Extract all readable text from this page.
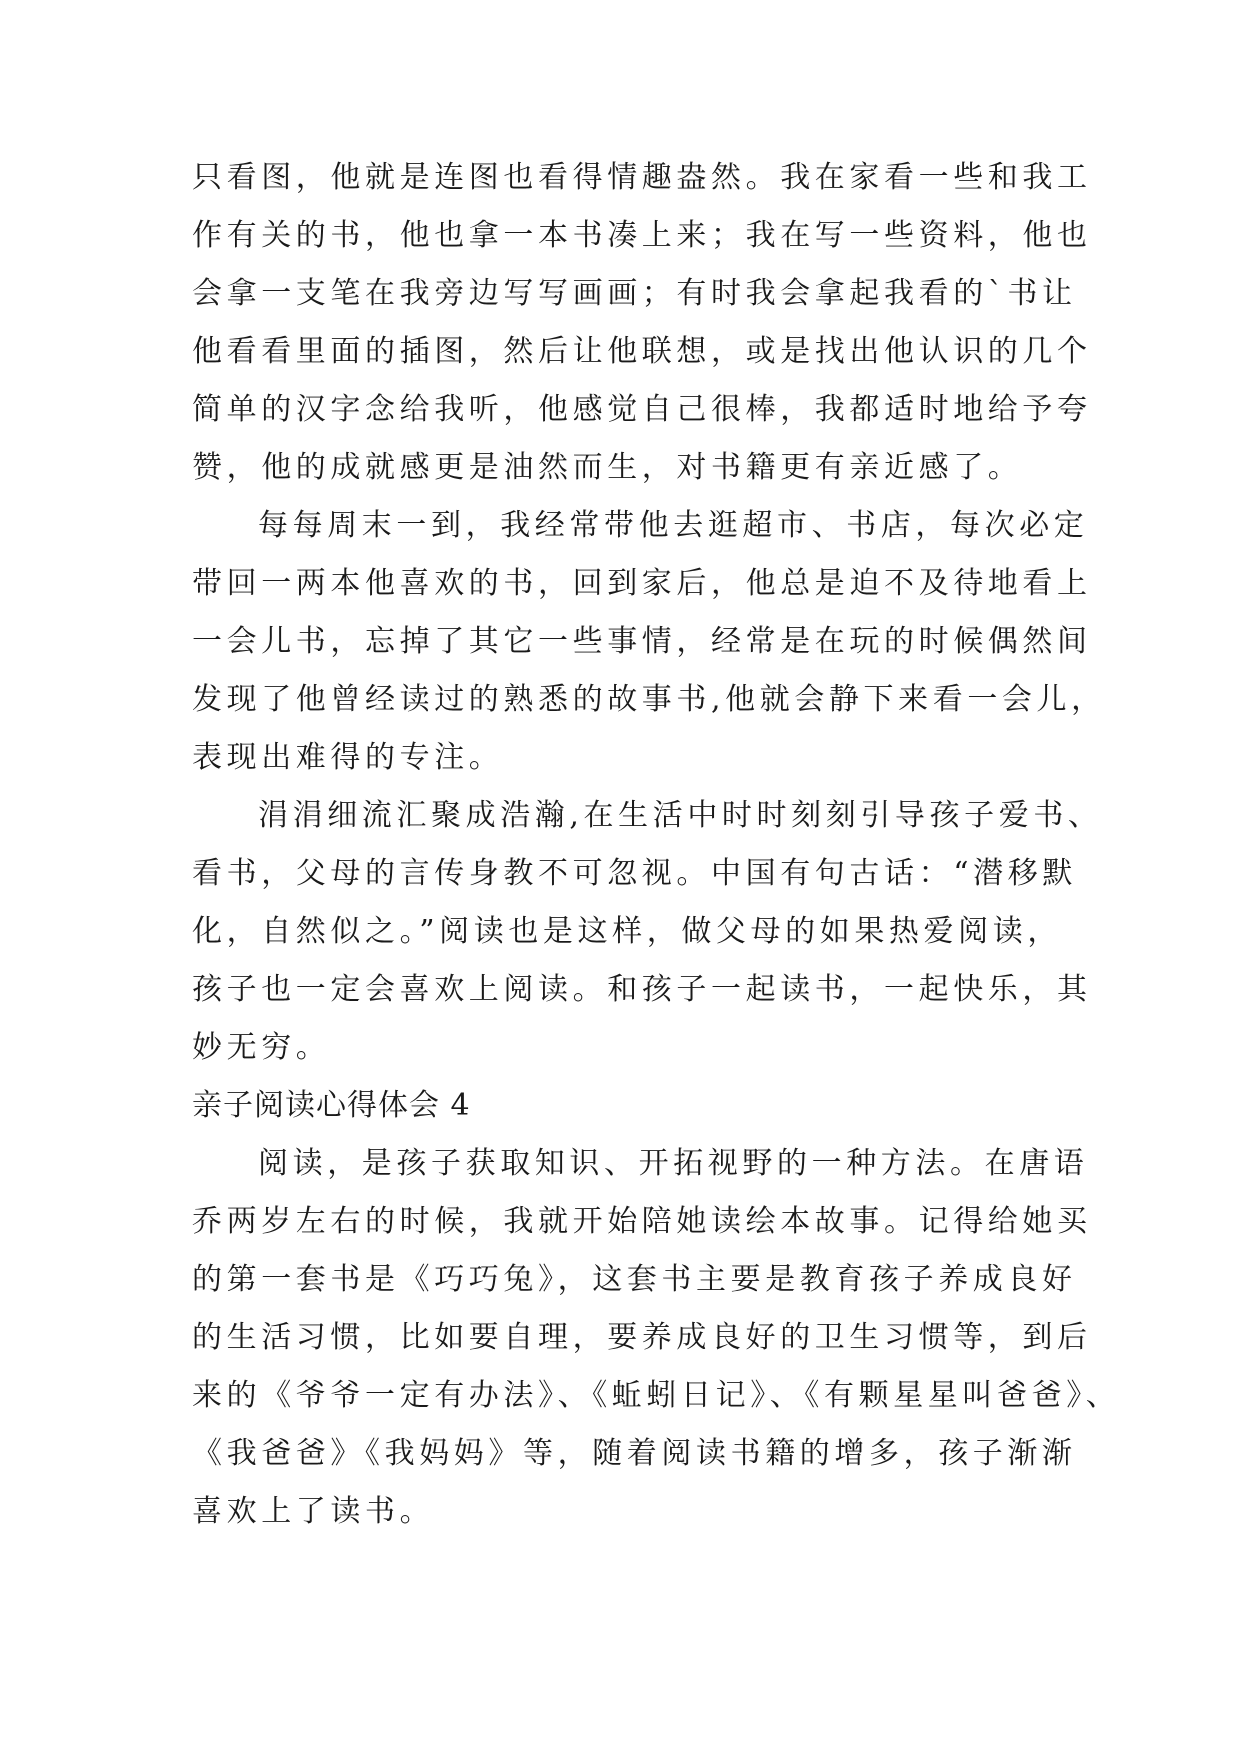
只看图，他就是连图也看得情趣盎然。我在家看一些和我工
作有关的书，他也拿一本书凑上来；我在写一些资料，他也
会拿一支笔在我旁边写写画画；有时我会拿起我看的`书让
他看看里面的插图，然后让他联想，或是找出他认识的几个
简单的汉字念给我听，他感觉自己很棒，我都适时地给予夸
赞，他的成就感更是油然而生，对书籍更有亲近感了。
每每周末一到，我经常带他去逛超市、书店，每次必定
带回一两本他喜欢的书，回到家后，他总是迫不及待地看上
一会儿书，忘掉了其它一些事情，经常是在玩的时候偶然间
发现了他曾经读过的熟悉的故事书,他就会静下来看一会儿，
表现出难得的专注。
涓涓细流汇聚成浩瀚,在生活中时时刻刻引导孩子爱书、
看书，父母的言传身教不可忽视。中国有句古话：“潜移默
化，自然似之。”阅读也是这样，做父母的如果热爱阅读，
孩子也一定会喜欢上阅读。和孩子一起读书，一起快乐，其
妙无穷。
亲子阅读心得体会 4
阅读，是孩子获取知识、开拓视野的一种方法。在唐语
乔两岁左右的时候，我就开始陪她读绘本故事。记得给她买
的第一套书是《巧巧兔》，这套书主要是教育孩子养成良好
的生活习惯，比如要自理，要养成良好的卫生习惯等，到后
来的《爷爷一定有办法》、《蚯蚓日记》、《有颗星星叫爸爸》、
《我爸爸》《我妈妈》等，随着阅读书籍的增多，孩子渐渐
喜欢上了读书。
